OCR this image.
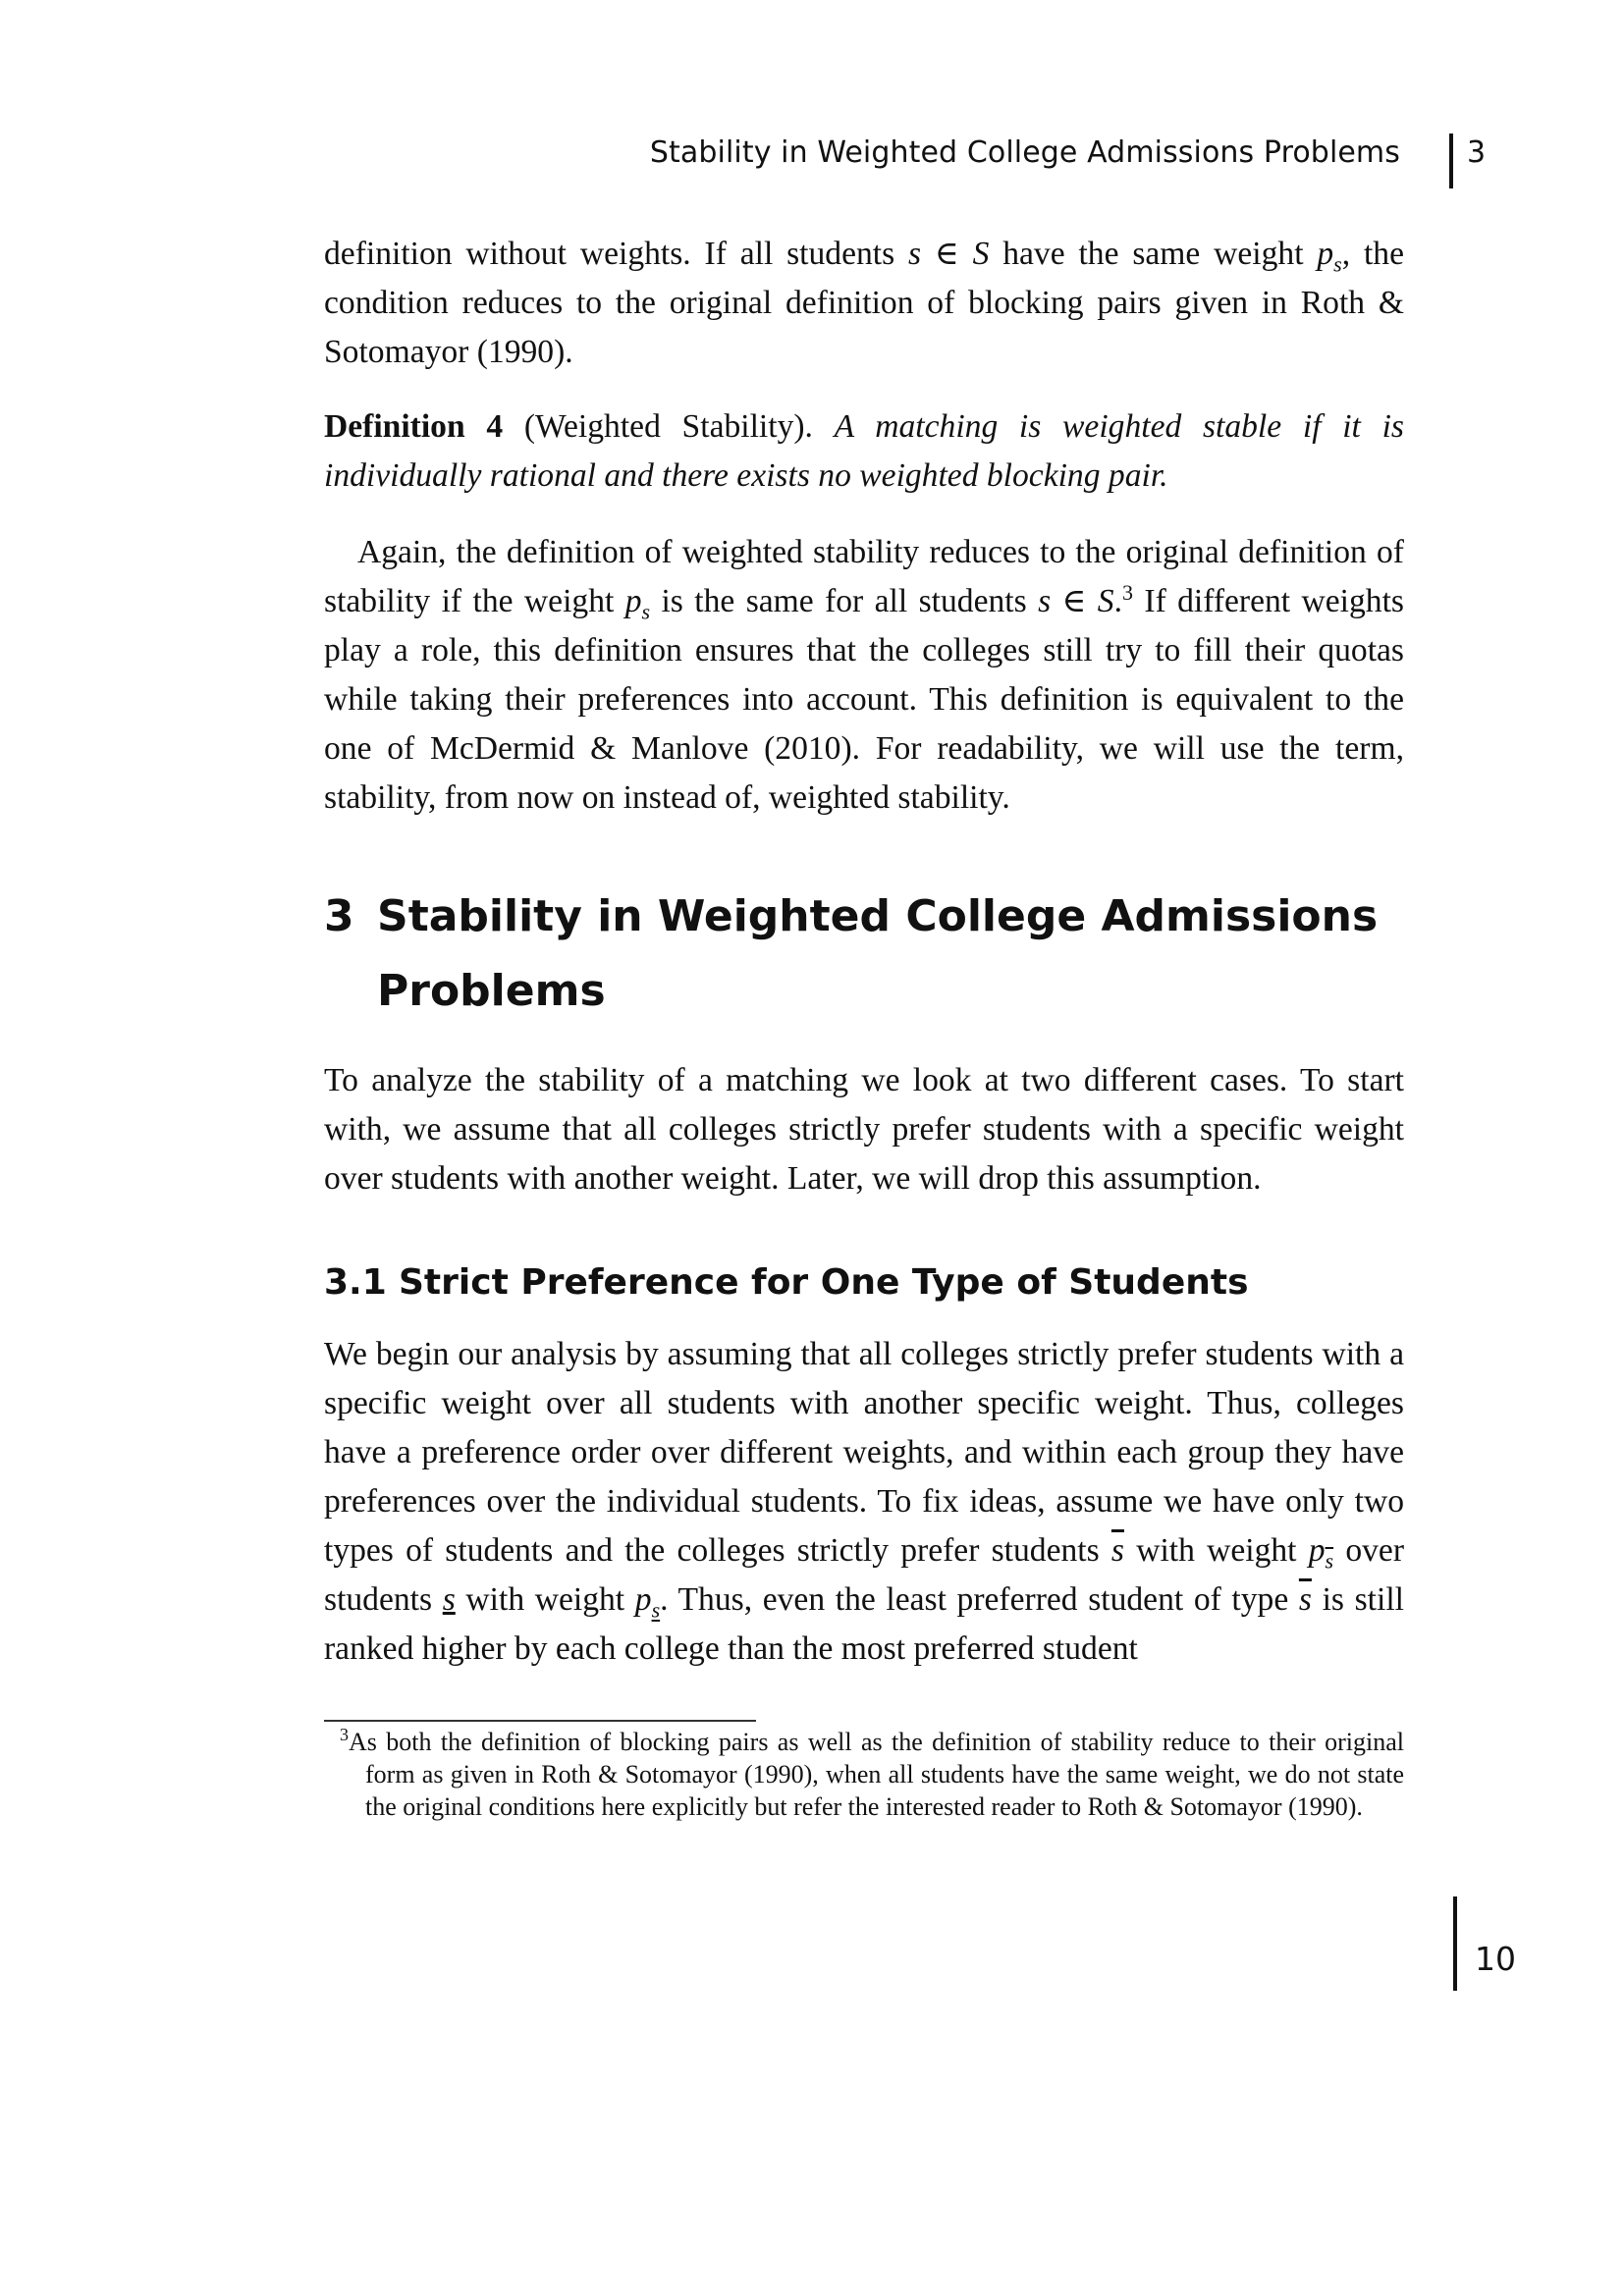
Stability in Weighted College Admissions Problems 3

definition without weights. If all students s ∈ S have the same weight $p_s$, the condition reduces to the original definition of blocking pairs given in Roth & Sotomayor (1990).

Definition 4 (Weighted Stability). A matching is weighted stable if it is individually rational and there exists no weighted blocking pair.

Again, the definition of weighted stability reduces to the original definition of stability if the weight $p_s$ is the same for all students s ∈ S.$^3$ If different weights play a role, this definition ensures that the colleges still try to fill their quotas while taking their preferences into account. This definition is equivalent to the one of McDermid & Manlove (2010). For readability, we will use the term, stability, from now on instead of, weighted stability.

3 Stability in Weighted College Admissions
Problems

To analyze the stability of a matching we look at two different cases. To start with, we assume that all colleges strictly prefer students with a specific weight over students with another weight. Later, we will drop this assumption.

3.1 Strict Preference for One Type of Students

We begin our analysis by assuming that all colleges strictly prefer students with a specific weight over all students with another specific weight. Thus, colleges have a preference order over different weights, and within each group they have preferences over the individual students. To fix ideas, assume we have only two types of students and the colleges strictly prefer students $\overline{s}$ with weight $p_{\overline{s}}$ over students s with weight $p_s$. Thus, even the least preferred student of type $\overline{s}$ is still ranked higher by each college than the most preferred student

$^3$As both the definition of blocking pairs as well as the definition of stability reduce to their original form as given in Roth & Sotomayor (1990), when all students have the same weight, we do not state the original conditions here explicitly but refer the interested reader to Roth & Sotomayor (1990).
10
